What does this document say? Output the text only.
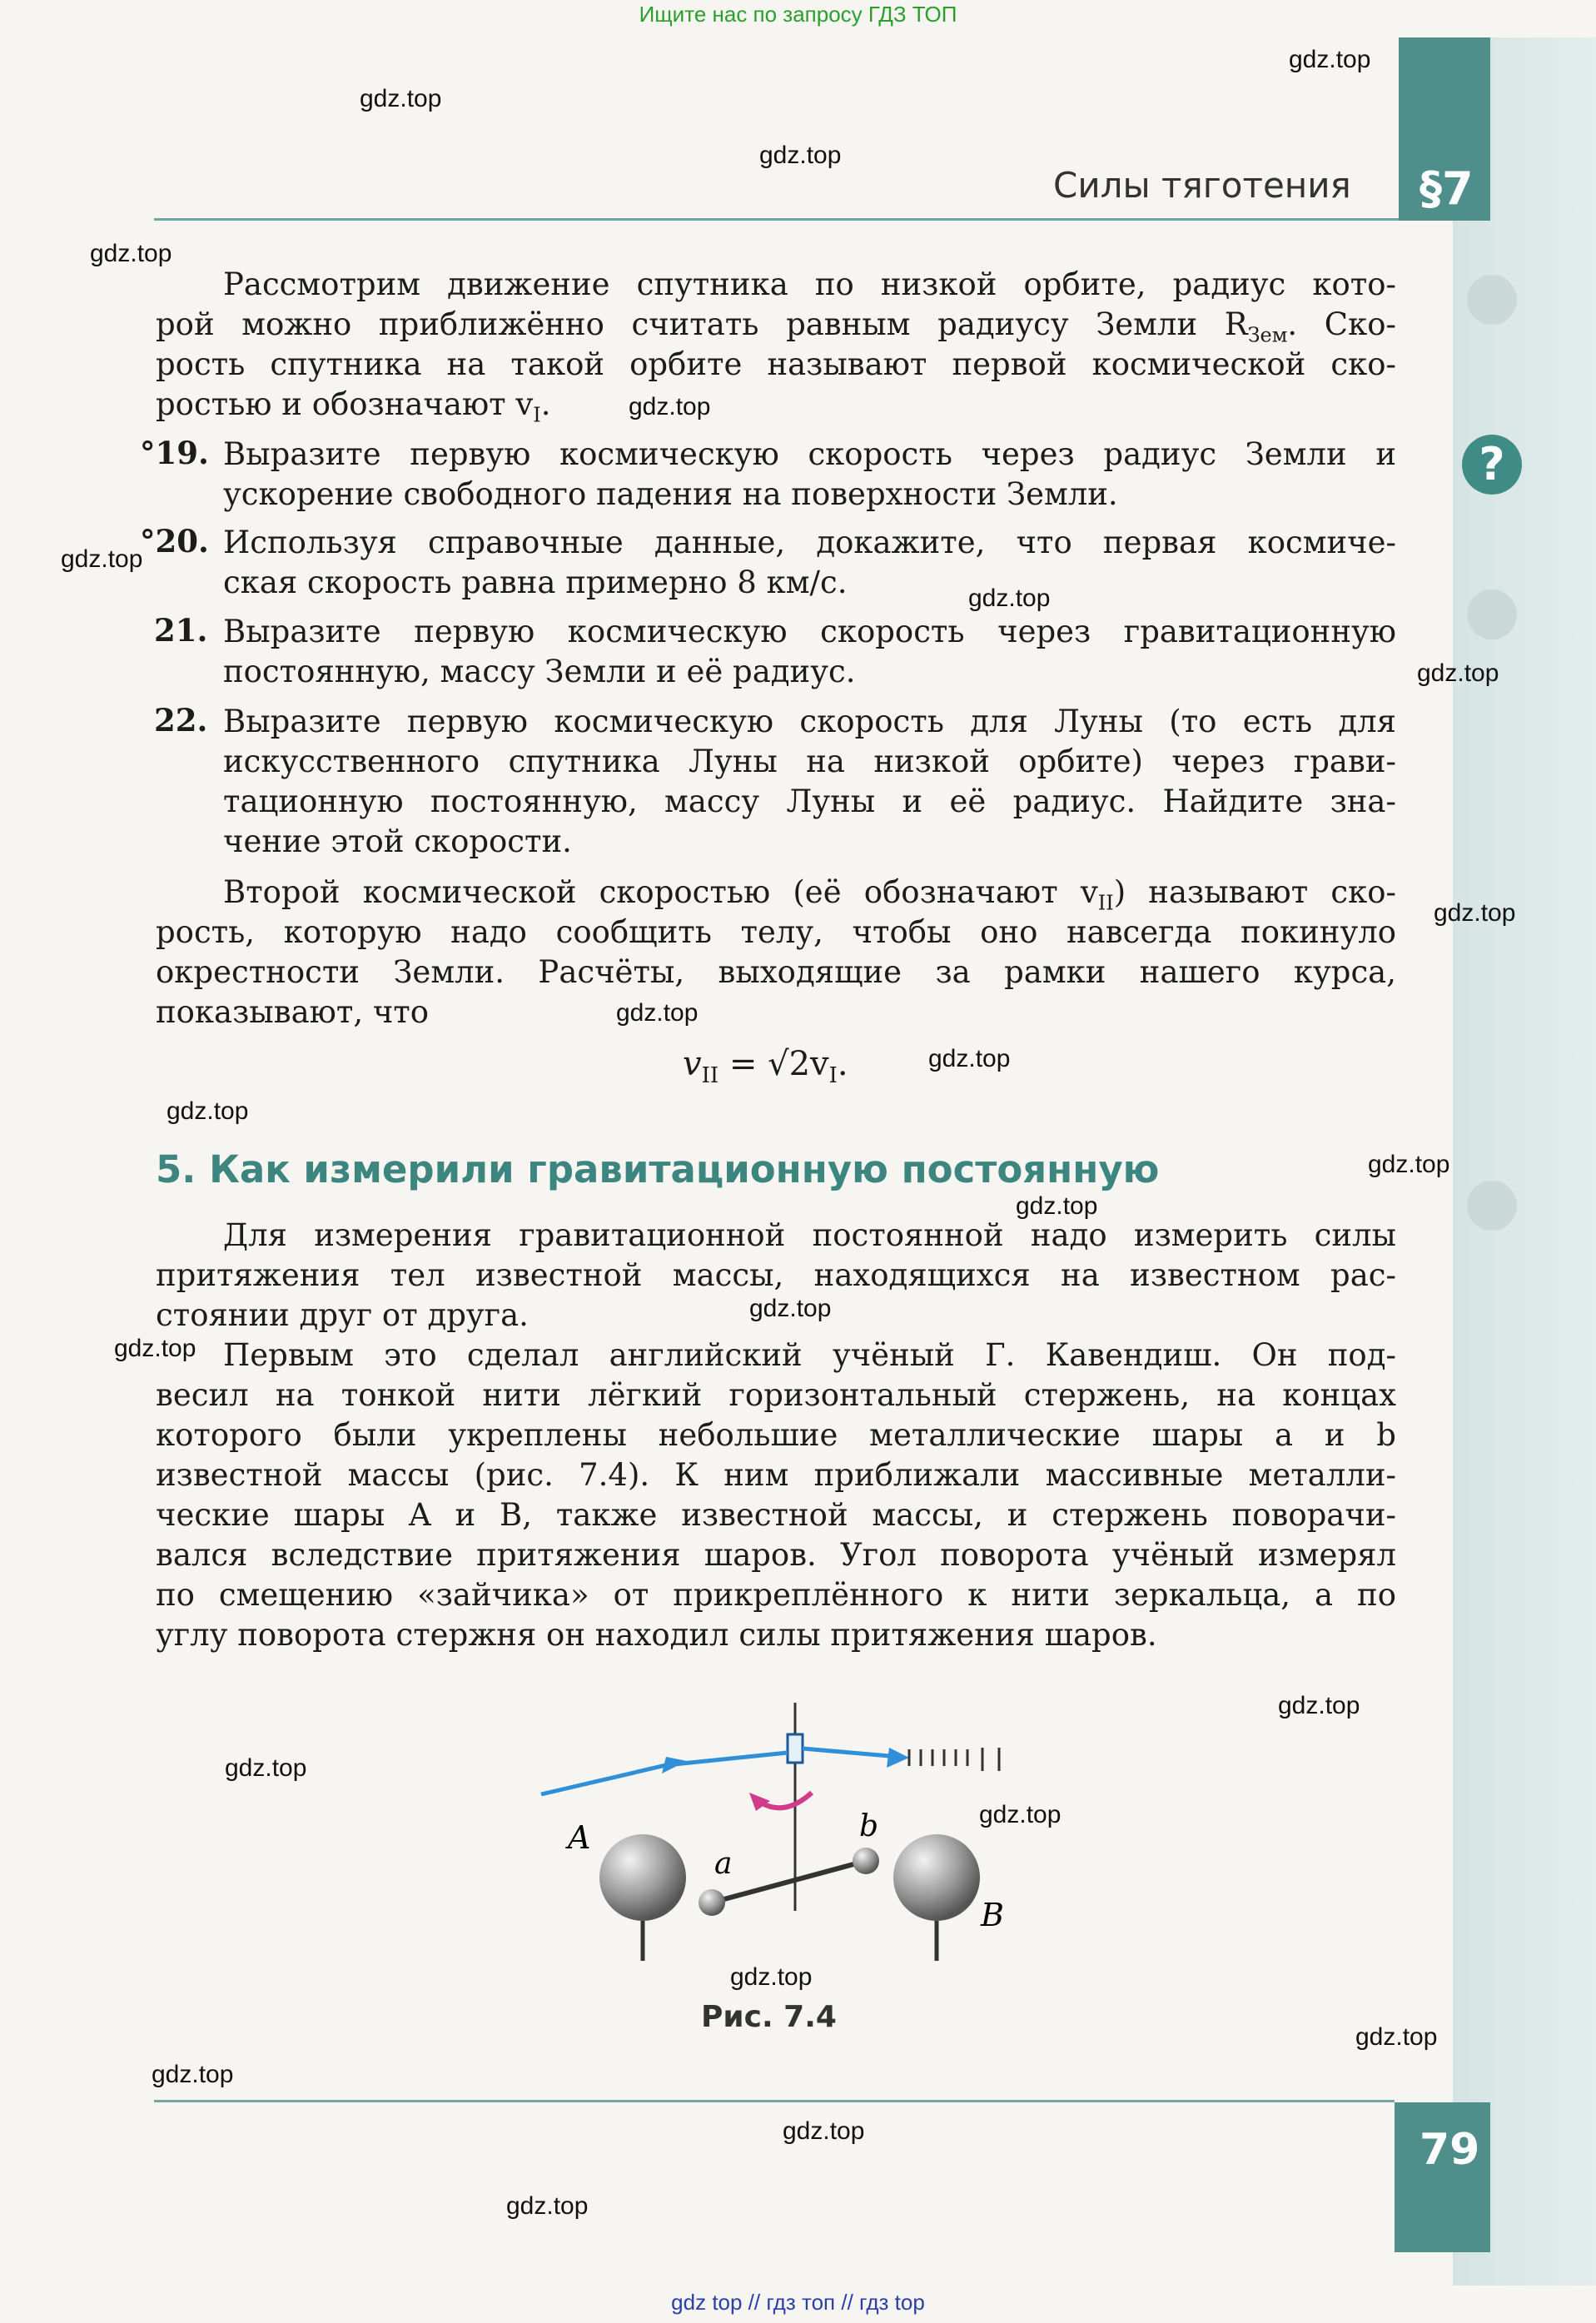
Ищите нас по запросу ГДЗ ТОП
gdz top // гдз топ // гдз top
?
§7
79
Силы тяготения
Рассмотрим движение спутника по низкой орбите, радиус кото-
рой можно приближённо считать равным радиусу Земли $R_{Зем}$. Ско-
рость спутника на такой орбите называют первой космической ско-
ростью и обозначают $v_I$.
°19. Выразите первую космическую скорость через радиус Земли и
ускорение свободного падения на поверхности Земли.
°20. Используя справочные данные, докажите, что первая космиче-
ская скорость равна примерно 8 км/с.
21. Выразите первую космическую скорость через гравитационную
постоянную, массу Земли и её радиус.
22. Выразите первую космическую скорость для Луны (то есть для
искусственного спутника Луны на низкой орбите) через грави-
тационную постоянную, массу Луны и её радиус. Найдите зна-
чение этой скорости.
Второй космической скоростью (её обозначают $v_{II}$) называют ско-
рость, которую надо сообщить телу, чтобы оно навсегда покинуло
окрестности Земли. Расчёты, выходящие за рамки нашего курса,
показывают, что
$v_{II} = √2v_I$.
5. Как измерили гравитационную постоянную
Для измерения гравитационной постоянной надо измерить силы
притяжения тел известной массы, находящихся на известном рас-
стоянии друг от друга.
Первым это сделал английский учёный Г. Кавендиш. Он под-
весил на тонкой нити лёгкий горизонтальный стержень, на концах
которого были укреплены небольшие металлические шары a и b
известной массы (рис. 7.4). К ним приближали массивные металли-
ческие шары A и B, также известной массы, и стержень поворачи-
вался вследствие притяжения шаров. Угол поворота учёный измерял
по смещению «зайчика» от прикреплённого к нити зеркальца, а по
углу поворота стержня он находил силы притяжения шаров.
A
a
b
B
Рис. 7.4
gdz.top
gdz.top
gdz.top
gdz.top
gdz.top
gdz.top
gdz.top
gdz.top
gdz.top
gdz.top
gdz.top
gdz.top
gdz.top
gdz.top
gdz.top
gdz.top
gdz.top
gdz.top
gdz.top
gdz.top
gdz.top
gdz.top
gdz.top
gdz.top
